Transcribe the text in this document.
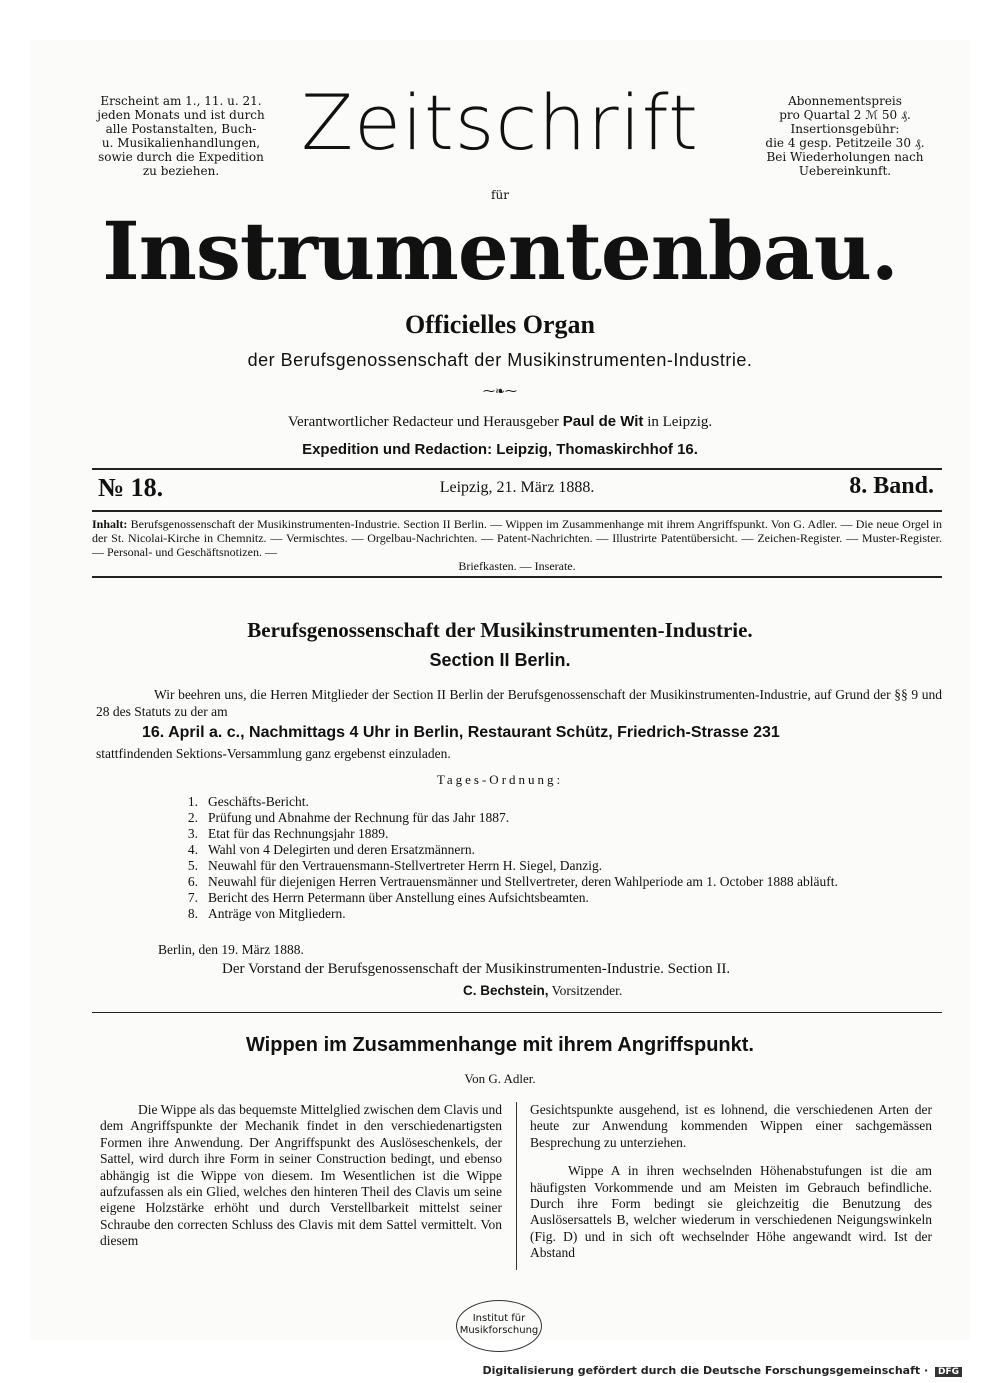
Erscheint am 1., 11. u. 21.
jeden Monats und ist durch
alle Postanstalten, Buch-
u. Musikalienhandlungen,
sowie durch die Expedition
zu beziehen.
Abonnementspreis
pro Quartal 2 ℳ 50 ₰.
Insertionsgebühr:
die 4 gesp. Petitzeile 30 ₰.
Bei Wiederholungen nach
Uebereinkunft.
Zeitschrift
für
Instrumentenbau.
Officielles Organ
der Berufsgenossenschaft der Musikinstrumenten-Industrie.
⁓❧⁓
Verantwortlicher Redacteur und Herausgeber Paul de Wit in Leipzig.
Expedition und Redaction: Leipzig, Thomaskirchhof 16.
№ 18.	Leipzig, 21. März 1888.	8. Band.
Inhalt: Berufsgenossenschaft der Musikinstrumenten-Industrie. Section II Berlin. — Wippen im Zusammenhange mit ihrem Angriffspunkt. Von G. Adler. — Die neue Orgel in der St. Nicolai-Kirche in Chemnitz. — Vermischtes. — Orgelbau-Nachrichten. — Patent-Nachrichten. — Illustrirte Patentübersicht. — Zeichen-Register. — Muster-Register. — Personal- und Geschäftsnotizen. —
Briefkasten. — Inserate.
Berufsgenossenschaft der Musikinstrumenten-Industrie.
Section II Berlin.
Wir beehren uns, die Herren Mitglieder der Section II Berlin der Berufsgenossenschaft der Musikinstrumenten-Industrie, auf Grund der §§ 9 und 28 des Statuts zu der am
16. April a. c., Nachmittags 4 Uhr in Berlin, Restaurant Schütz, Friedrich-Strasse 231
stattfindenden Sektions-Versammlung ganz ergebenst einzuladen.
Tages-Ordnung:
1. Geschäfts-Bericht.
2. Prüfung und Abnahme der Rechnung für das Jahr 1887.
3. Etat für das Rechnungsjahr 1889.
4. Wahl von 4 Delegirten und deren Ersatzmännern.
5. Neuwahl für den Vertrauensmann-Stellvertreter Herrn H. Siegel, Danzig.
6. Neuwahl für diejenigen Herren Vertrauensmänner und Stellvertreter, deren Wahlperiode am 1. October 1888 abläuft.
7. Bericht des Herrn Petermann über Anstellung eines Aufsichtsbeamten.
8. Anträge von Mitgliedern.
Berlin, den 19. März 1888.
Der Vorstand der Berufsgenossenschaft der Musikinstrumenten-Industrie. Section II.
C. Bechstein, Vorsitzender.
Wippen im Zusammenhange mit ihrem Angriffspunkt.
Von G. Adler.

Die Wippe als das bequemste Mittelglied zwischen dem Clavis und dem Angriffspunkte der Mechanik findet in den verschiedenartigsten Formen ihre Anwendung. Der Angriffspunkt des Auslöseschenkels, der Sattel, wird durch ihre Form in seiner Construction bedingt, und ebenso abhängig ist die Wippe von diesem. Im Wesentlichen ist die Wippe aufzufassen als ein Glied, welches den hinteren Theil des Clavis um seine eigene Holzstärke erhöht und durch Verstellbarkeit mittelst seiner Schraube den correcten Schluss des Clavis mit dem Sattel vermittelt. Von diesem

Gesichtspunkte ausgehend, ist es lohnend, die verschiedenen Arten der heute zur Anwendung kommenden Wippen einer sachgemässen Besprechung zu unterziehen.

Wippe A in ihren wechselnden Höhenabstufungen ist die am häufigsten Vorkommende und am Meisten im Gebrauch befindliche. Durch ihre Form bedingt sie gleichzeitig die Benutzung des Auslösersattels B, welcher wiederum in verschiedenen Neigungswinkeln (Fig. D) und in sich oft wechselnder Höhe angewandt wird. Ist der Abstand

Institut für
Musikforschung
Digitalisierung gefördert durch die Deutsche Forschungsgemeinschaft · DFG
